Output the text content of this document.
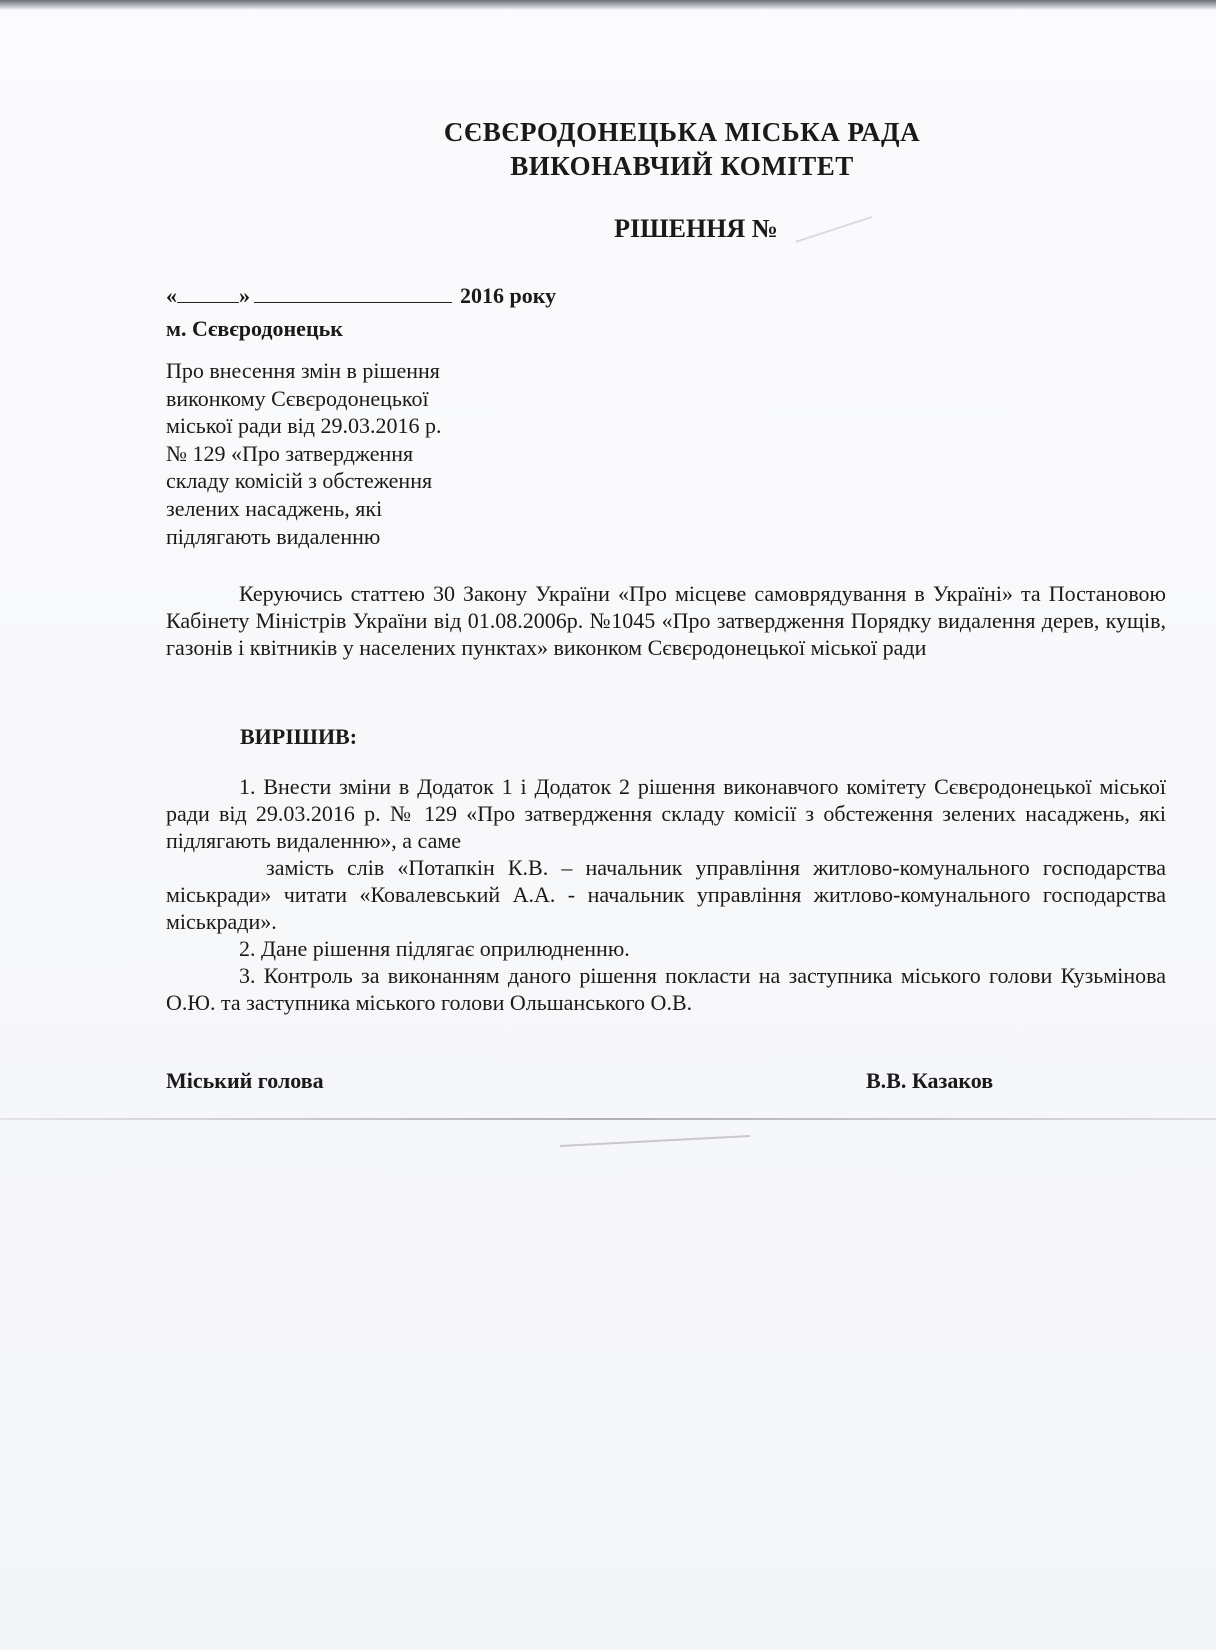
СЄВЄРОДОНЕЦЬКА МІСЬКА РАДА
ВИКОНАВЧИЙ КОМІТЕТ
РІШЕННЯ №
«	»	2016 року
м. Сєвєродонецьк
Про внесення змін в рішення
виконкому Сєвєродонецької
міської ради від 29.03.2016 р.
№ 129 «Про затвердження
складу комісій з обстеження
зелених насаджень, які
підлягають видаленню

Керуючись статтею 30 Закону України «Про місцеве самоврядування в Україні» та Постановою Кабінету Міністрів України від 01.08.2006р. №1045 «Про затвердження Порядку видалення дерев, кущів, газонів і квітників у населених пунктах» виконком Сєвєродонецької міської ради

ВИРІШИВ:

1. Внести зміни в Додаток 1 і Додаток 2 рішення виконавчого комітету Сєвєродонецької міської ради від 29.03.2016 р. № 129 «Про затвердження складу комісії з обстеження зелених насаджень, які підлягають видаленню», а саме

замість слів «Потапкін К.В. – начальник управління житлово-комунального господарства міськради» читати «Ковалевський А.А. - начальник управління житлово-комунального господарства міськради».

2. Дане рішення підлягає оприлюдненню.

3. Контроль за виконанням даного рішення покласти на заступника міського голови Кузьмінова О.Ю. та заступника міського голови Ольшанського О.В.

Міський голова	В.В. Казаков
